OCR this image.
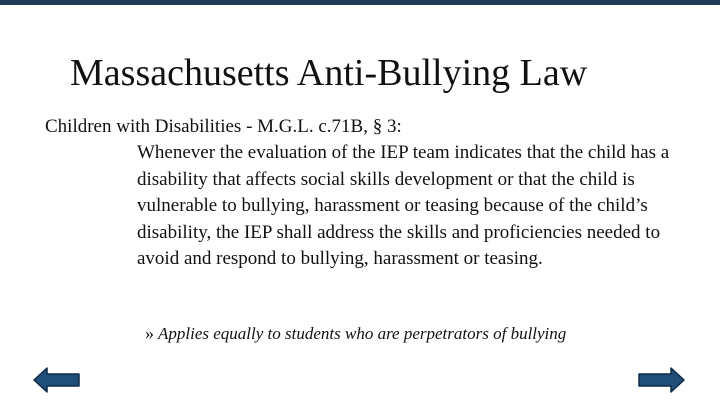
Massachusetts Anti-Bullying Law
Children with Disabilities - M.G.L. c.71B, § 3:
Whenever the evaluation of the IEP team indicates that the child has a disability that affects social skills development or that the child is vulnerable to bullying, harassment or teasing because of the child’s disability, the IEP shall address the skills and proficiencies needed to avoid and respond to bullying, harassment or teasing.
» Applies equally to students who are perpetrators of bullying
